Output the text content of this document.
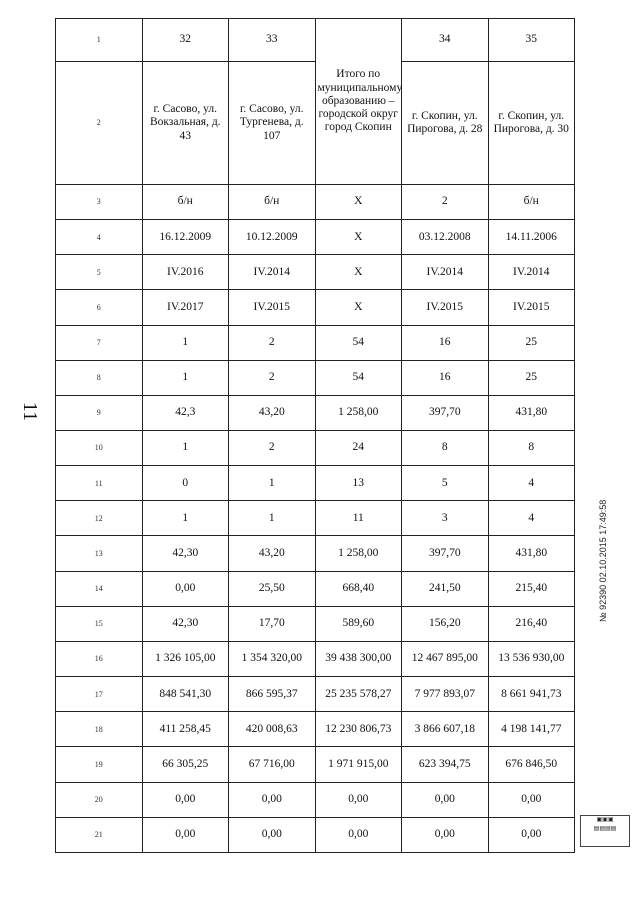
11
1	32	33	Итого по муниципальному образованию – городской округ город Скопин	34	35
2	г. Сасово, ул. Вокзальная, д. 43	г. Сасово, ул. Тургенева, д. 107		г. Скопин, ул. Пирогова, д. 28	г. Скопин, ул. Пирогова, д. 30
3	б/н	б/н	X	2	б/н
4	16.12.2009	10.12.2009	X	03.12.2008	14.11.2006
5	IV.2016	IV.2014	X	IV.2014	IV.2014
6	IV.2017	IV.2015	X	IV.2015	IV.2015
7	1	2	54	16	25
8	1	2	54	16	25
9	42,3	43,20	1 258,00	397,70	431,80
10	1	2	24	8	8
11	0	1	13	5	4
12	1	1	11	3	4
13	42,30	43,20	1 258,00	397,70	431,80
14	0,00	25,50	668,40	241,50	215,40
15	42,30	17,70	589,60	156,20	216,40
16	1 326 105,00	1 354 320,00	39 438 300,00	12 467 895,00	13 536 930,00
17	848 541,30	866 595,37	25 235 578,27	7 977 893,07	8 661 941,73
18	411 258,45	420 008,63	12 230 806,73	3 866 607,18	4 198 141,77
19	66 305,25	67 716,00	1 971 915,00	623 394,75	676 846,50
20	0,00	0,00	0,00	0,00	0,00
21	0,00	0,00	0,00	0,00	0,00
▣▣▣
▤▤▤▤
№ 92390 02.10.2015 17:49:58
